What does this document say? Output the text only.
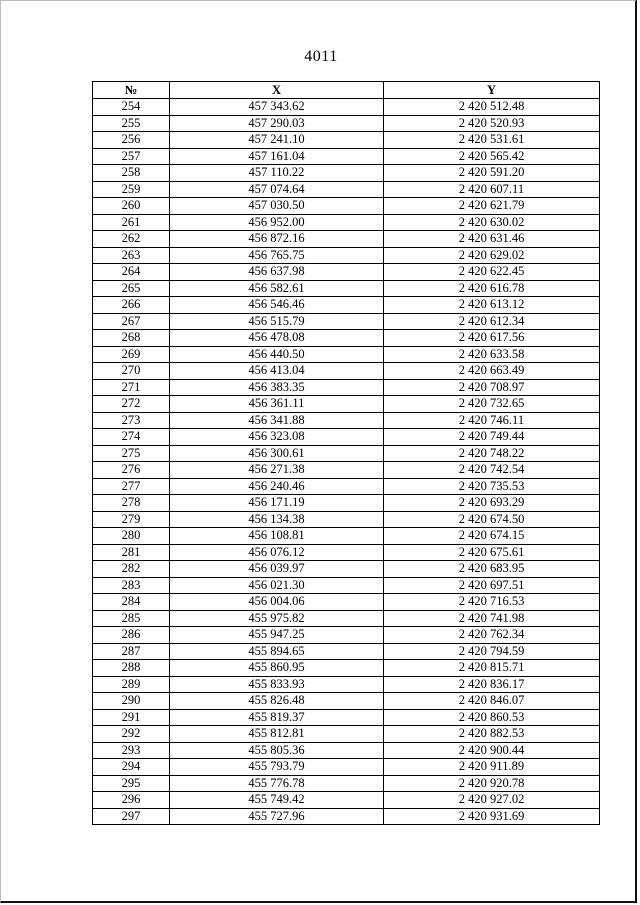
4011
№	X	Y
254	457 343.62	2 420 512.48
255	457 290.03	2 420 520.93
256	457 241.10	2 420 531.61
257	457 161.04	2 420 565.42
258	457 110.22	2 420 591.20
259	457 074.64	2 420 607.11
260	457 030.50	2 420 621.79
261	456 952.00	2 420 630.02
262	456 872.16	2 420 631.46
263	456 765.75	2 420 629.02
264	456 637.98	2 420 622.45
265	456 582.61	2 420 616.78
266	456 546.46	2 420 613.12
267	456 515.79	2 420 612.34
268	456 478.08	2 420 617.56
269	456 440.50	2 420 633.58
270	456 413.04	2 420 663.49
271	456 383.35	2 420 708.97
272	456 361.11	2 420 732.65
273	456 341.88	2 420 746.11
274	456 323.08	2 420 749.44
275	456 300.61	2 420 748.22
276	456 271.38	2 420 742.54
277	456 240.46	2 420 735.53
278	456 171.19	2 420 693.29
279	456 134.38	2 420 674.50
280	456 108.81	2 420 674.15
281	456 076.12	2 420 675.61
282	456 039.97	2 420 683.95
283	456 021.30	2 420 697.51
284	456 004.06	2 420 716.53
285	455 975.82	2 420 741.98
286	455 947.25	2 420 762.34
287	455 894.65	2 420 794.59
288	455 860.95	2 420 815.71
289	455 833.93	2 420 836.17
290	455 826.48	2 420 846.07
291	455 819.37	2 420 860.53
292	455 812.81	2 420 882.53
293	455 805.36	2 420 900.44
294	455 793.79	2 420 911.89
295	455 776.78	2 420 920.78
296	455 749.42	2 420 927.02
297	455 727.96	2 420 931.69
